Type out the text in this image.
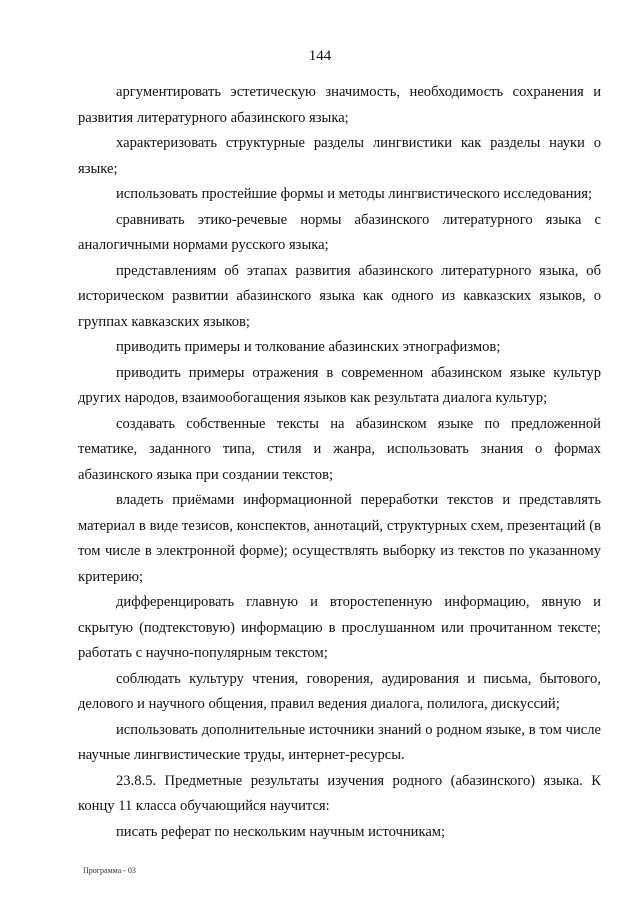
144

аргументировать эстетическую значимость, необходимость сохранения и развития литературного абазинского языка;

характеризовать структурные разделы лингвистики как разделы науки о языке;

использовать простейшие формы и методы лингвистического исследования;

сравнивать этико-речевые нормы абазинского литературного языка с аналогичными нормами русского языка;

представлениям об этапах развития абазинского литературного языка, об историческом развитии абазинского языка как одного из кавказских языков, о группах кавказских языков;

приводить примеры и толкование абазинских этнографизмов;

приводить примеры отражения в современном абазинском языке культур других народов, взаимообогащения языков как результата диалога культур;

создавать собственные тексты на абазинском языке по предложенной тематике, заданного типа, стиля и жанра, использовать знания о формах абазинского языка при создании текстов;

владеть приёмами информационной переработки текстов и представлять материал в виде тезисов, конспектов, аннотаций, структурных схем, презентаций (в том числе в электронной форме); осуществлять выборку из текстов по указанному критерию;

дифференцировать главную и второстепенную информацию, явную и скрытую (подтекстовую) информацию в прослушанном или прочитанном тексте; работать с научно-популярным текстом;

соблюдать культуру чтения, говорения, аудирования и письма, бытового, делового и научного общения, правил ведения диалога, полилога, дискуссий;

использовать дополнительные источники знаний о родном языке, в том числе научные лингвистические труды, интернет-ресурсы.

23.8.5. Предметные результаты изучения родного (абазинского) языка. К концу 11 класса обучающийся научится:

писать реферат по нескольким научным источникам;

Программа - 03
